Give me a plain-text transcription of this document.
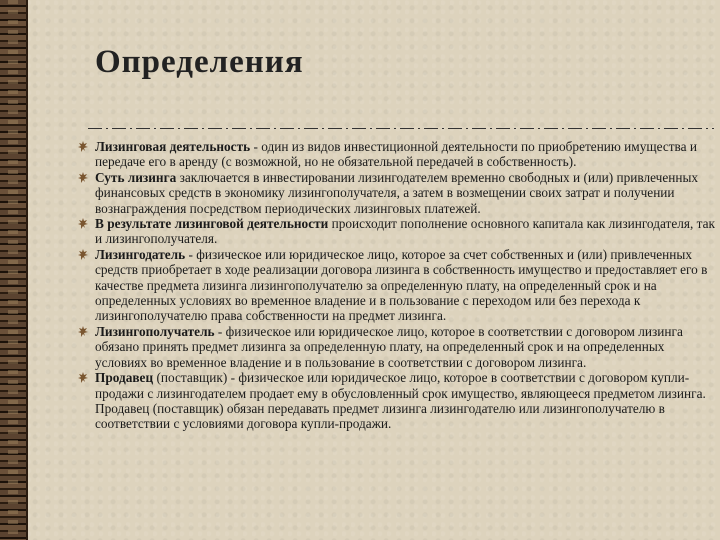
Определения
Лизинговая деятельность - один из видов инвестиционной деятельности по приобретению имущества и передаче его в аренду (с возможной, но не обязательной передачей в собственность).
Суть лизинга заключается в инвестировании лизингодателем временно свободных и (или) привлеченных финансовых средств в экономику лизингополучателя, а затем в возмещении своих затрат и получении вознаграждения посредством периодических лизинговых платежей.
В результате лизинговой деятельности происходит пополнение основного капитала как лизингодателя, так и лизингополучателя.
Лизингодатель - физическое или юридическое лицо, которое за счет собственных и (или) привлеченных средств приобретает в ходе реализации договора лизинга в собственность имущество и предоставляет его в качестве предмета лизинга лизингополучателю за определенную плату, на определенный срок и на определенных условиях во временное владение и в пользование с переходом или без перехода к лизингополучателю права собственности на предмет лизинга.
Лизингополучатель - физическое или юридическое лицо, которое в соответствии с договором лизинга обязано принять предмет лизинга за определенную плату, на определенный срок и на определенных условиях во временное владение и в пользование в соответствии с договором лизинга.
Продавец (поставщик) - физическое или юридическое лицо, которое в соответствии с договором купли-продажи с лизингодателем продает ему в обусловленный срок имущество, являющееся предметом лизинга. Продавец (поставщик) обязан передавать предмет лизинга лизингодателю или лизингополучателю в соответствии с условиями договора купли-продажи.
